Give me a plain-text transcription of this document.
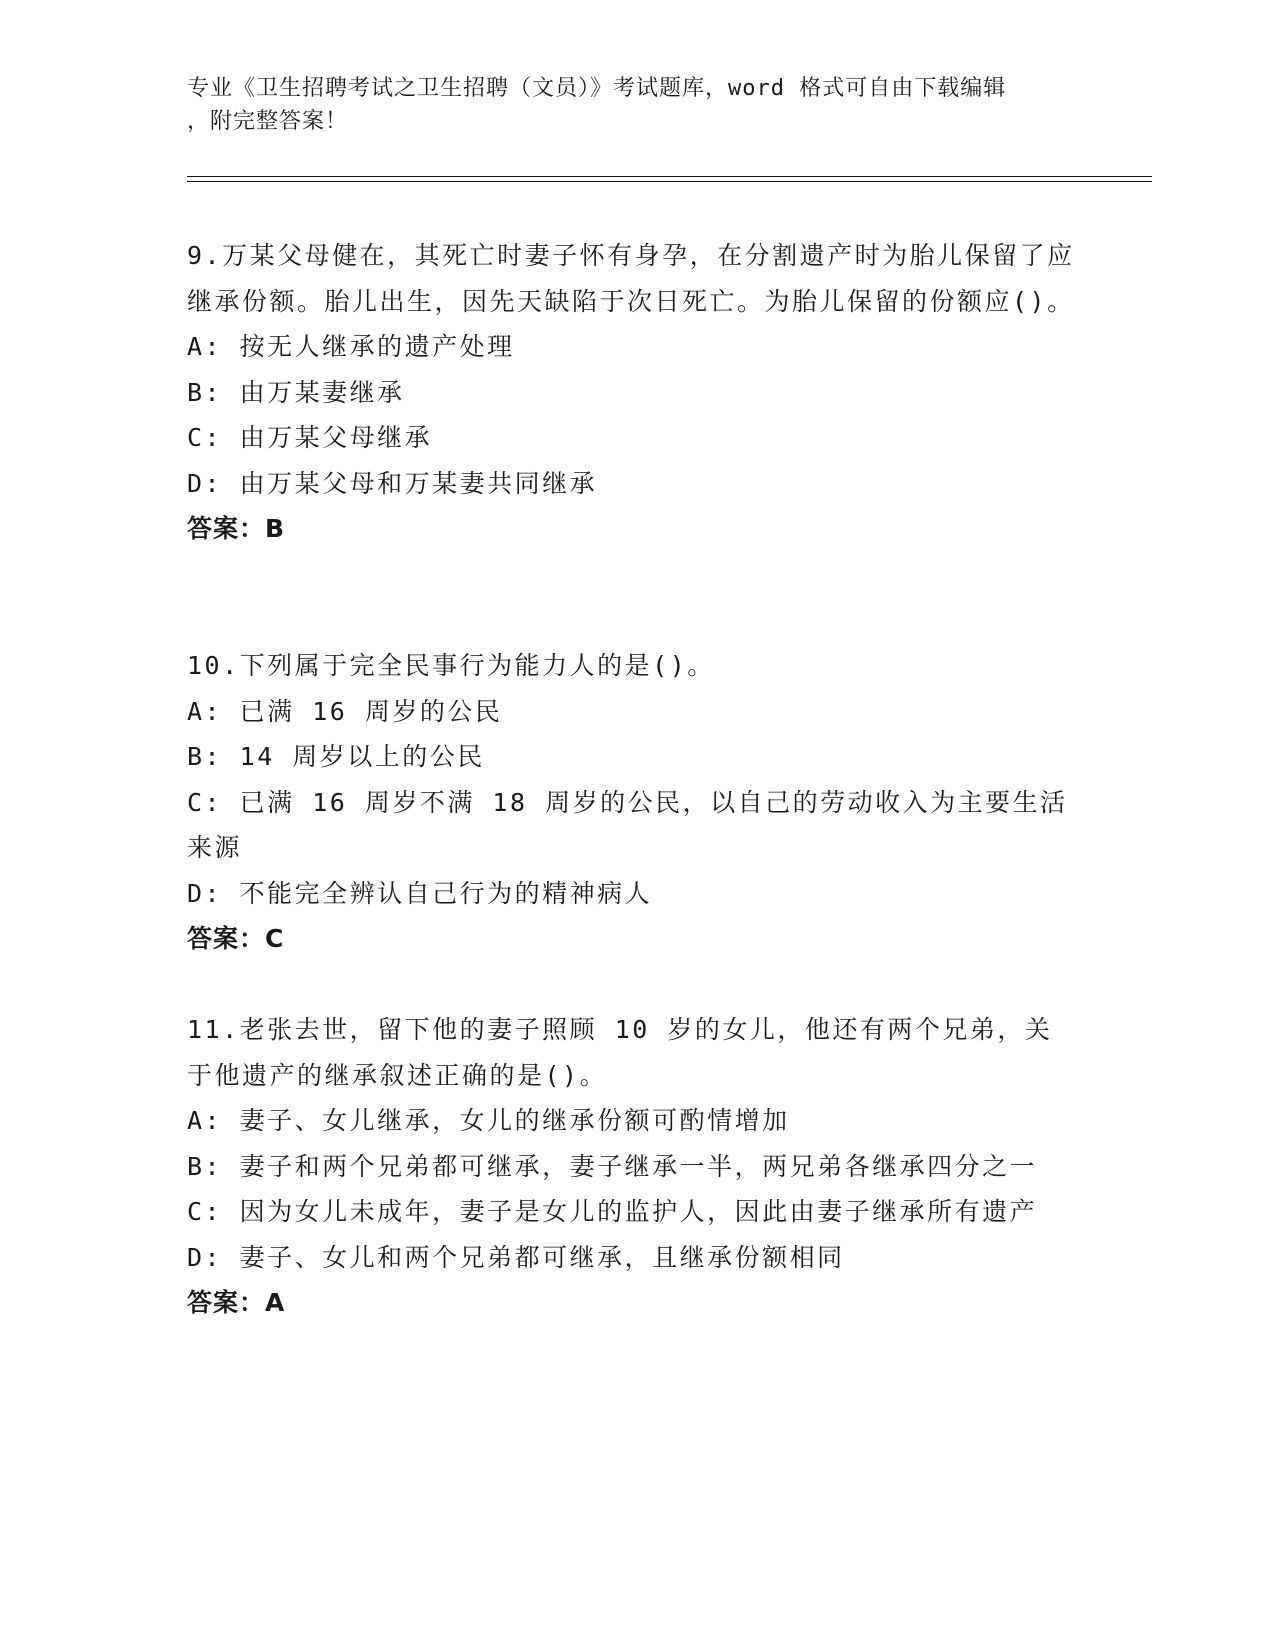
专业《卫生招聘考试之卫生招聘（文员）》考试题库，word 格式可自由下载编辑
，附完整答案！
9.万某父母健在，其死亡时妻子怀有身孕，在分割遗产时为胎儿保留了应继承份额。胎儿出生，因先天缺陷于次日死亡。为胎儿保留的份额应()。
A: 按无人继承的遗产处理
B: 由万某妻继承
C: 由万某父母继承
D: 由万某父母和万某妻共同继承
答案：B
10.下列属于完全民事行为能力人的是()。
A: 已满 16 周岁的公民
B: 14 周岁以上的公民
C: 已满 16 周岁不满 18 周岁的公民，以自己的劳动收入为主要生活来源
D: 不能完全辨认自己行为的精神病人
答案：C
11.老张去世，留下他的妻子照顾 10 岁的女儿，他还有两个兄弟，关于他遗产的继承叙述正确的是()。
A: 妻子、女儿继承，女儿的继承份额可酌情增加
B: 妻子和两个兄弟都可继承，妻子继承一半，两兄弟各继承四分之一
C: 因为女儿未成年，妻子是女儿的监护人，因此由妻子继承所有遗产
D: 妻子、女儿和两个兄弟都可继承，且继承份额相同
答案：A
